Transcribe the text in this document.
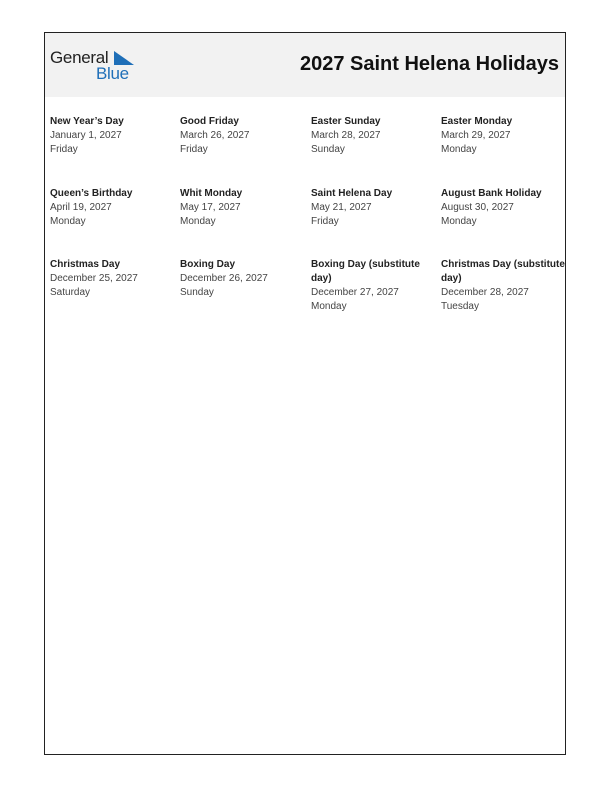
General
Blue	2027 Saint Helena Holidays
New Year’s Day
January 1, 2027
Friday
Good Friday
March 26, 2027
Friday
Easter Sunday
March 28, 2027
Sunday
Easter Monday
March 29, 2027
Monday
Queen’s Birthday
April 19, 2027
Monday
Whit Monday
May 17, 2027
Monday
Saint Helena Day
May 21, 2027
Friday
August Bank Holiday
August 30, 2027
Monday
Christmas Day
December 25, 2027
Saturday
Boxing Day
December 26, 2027
Sunday
Boxing Day (substitute day)
December 27, 2027
Monday
Christmas Day (substitute day)
December 28, 2027
Tuesday
